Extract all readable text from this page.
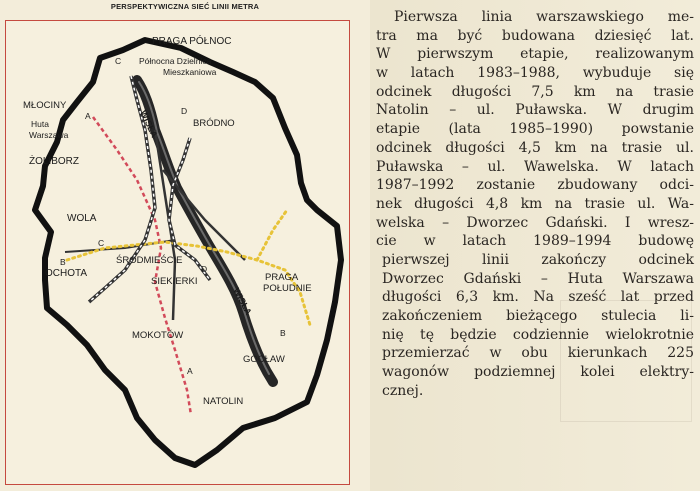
PERSPEKTYWICZNA SIEĆ LINII METRA
PRAGA PÓŁNOC
Północna Dzielnica
Mieszkaniowa
MŁOCINY
Huta
Warszawa
ŻOLIBORZ
WOLA
OCHOTA
ŚRODMIEŚCIE
SIEKIERKI
MOKOTÓW
NATOLIN
BRÓDNO
PRAGA
POŁUDNIE
GOCŁAW
WISŁA
WISŁA
A
A
B
B
C
C
D
D
Pierwsza linia warszawskiego me-
tra ma być budowana dziesięć lat.
W pierwszym etapie, realizowanym
w latach 1983–1988, wybuduje się
odcinek długości 7,5 km na trasie
Natolin – ul. Puławska. W drugim
etapie (lata 1985–1990) powstanie
odcinek długości 4,5 km na trasie ul.
Puławska – ul. Wawelska. W latach
1987–1992 zostanie zbudowany odci-
nek długości 4,8 km na trasie ul. Wa-
welska – Dworzec Gdański. I wresz-
cie w latach 1989–1994 budowę
pierwszej linii zakończy odcinek
Dworzec Gdański – Huta Warszawa
długości 6,3 km. Na sześć lat przed
zakończeniem bieżącego stulecia li-
nię tę będzie codziennie wielokrotnie
przemierzać w obu kierunkach 225
wagonów podziemnej kolei elektry-
cznej.
